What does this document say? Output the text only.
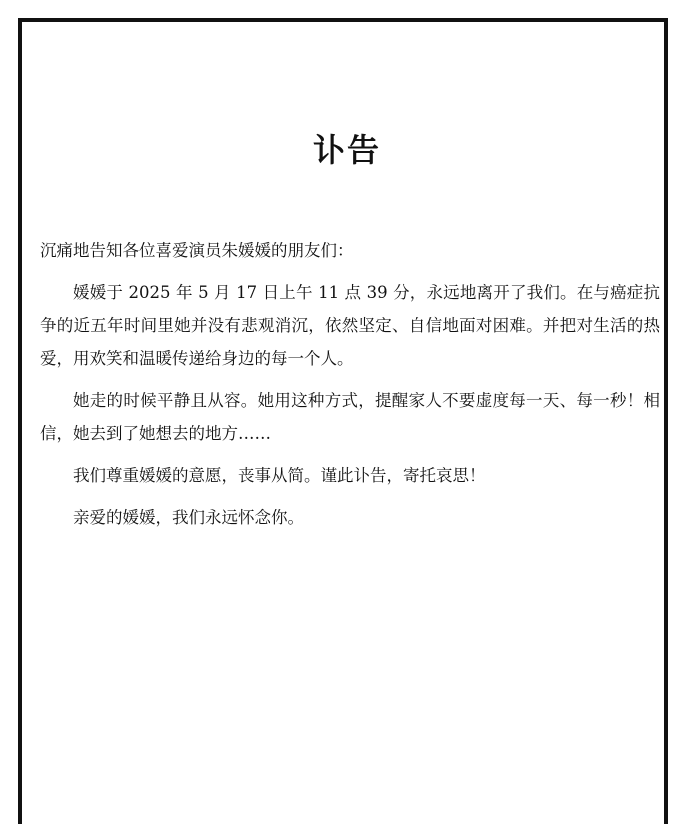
讣告

沉痛地告知各位喜爱演员朱媛媛的朋友们：

媛媛于 2025 年 5 月 17 日上午 11 点 39 分，永远地离开了我们。在与癌症抗争的近五年时间里她并没有悲观消沉，依然坚定、自信地面对困难。并把对生活的热爱，用欢笑和温暖传递给身边的每一个人。

她走的时候平静且从容。她用这种方式，提醒家人不要虚度每一天、每一秒！相信，她去到了她想去的地方……

我们尊重媛媛的意愿，丧事从简。谨此讣告，寄托哀思！

亲爱的媛媛，我们永远怀念你。
